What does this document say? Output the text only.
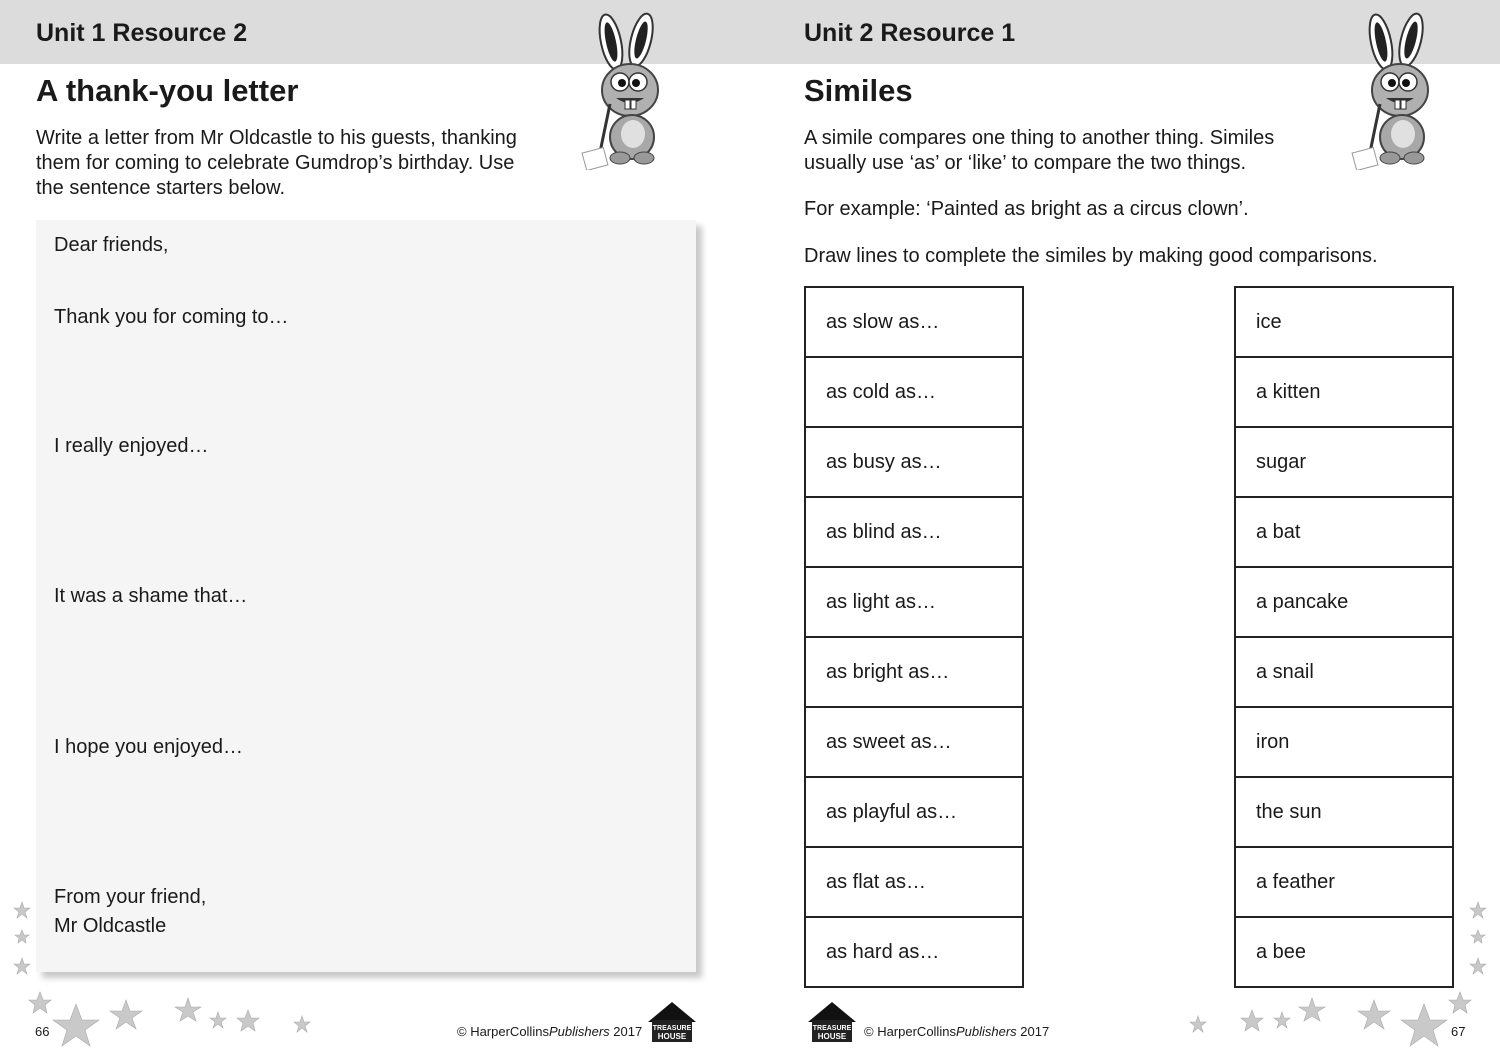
Unit 1 Resource 2
A thank-you letter

Write a letter from Mr Oldcastle to his guests, thanking

them for coming to celebrate Gumdrop’s birthday. Use

the sentence starters below.

Dear friends,

Thank you for coming to…

I really enjoyed…

It was a shame that…

I hope you enjoyed…

From your friend,

Mr Oldcastle

66	© HarperCollinsPublishers 2017 TREASURE
HOUSE
Unit 2 Resource 1
Similes

A simile compares one thing to another thing. Similes

usually use ‘as’ or ‘like’ to compare the two things.

For example: ‘Painted as bright as a circus clown’.

Draw lines to complete the similes by making good comparisons.

as slow as…
as cold as…
as busy as…
as blind as…
as light as…
as bright as…
as sweet as…
as playful as…
as flat as…
as hard as…
ice
a kitten
sugar
a bat
a pancake
a snail
iron
the sun
a feather
a bee
TREASURE
HOUSE © HarperCollinsPublishers 2017	67
